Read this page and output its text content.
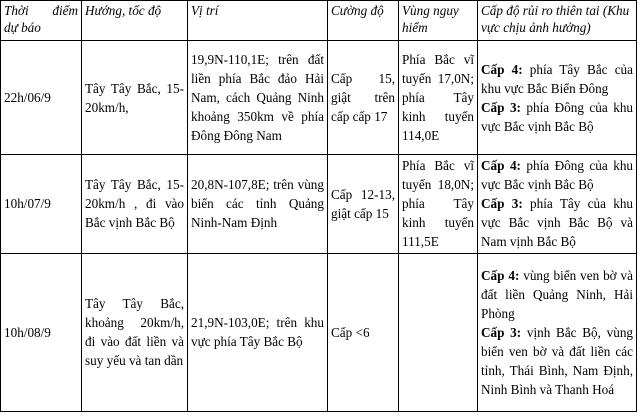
Thời điểm
dự báo	Hướng, tốc độ	Vị trí	Cường độ	Vùng nguy hiểm	Cấp độ rủi ro thiên tai (Khu vực chịu ảnh hưởng)
22h/06/9	Tây Tây Bắc, 15-20km/h,	19,9N-110,1E; trên đất liền phía Bắc đảo Hải Nam, cách Quảng Ninh khoảng 350km về phía Đông Đông Nam	Cấp 15, giật trên cấp cấp 17	Phía Bắc vĩ tuyến 17,0N; phía Tây kinh tuyến 114,0E	Cấp 4: phía Tây Bắc của khu vực Bắc Biển Đông
Cấp 3: phía Đông của khu vực Bắc vịnh Bắc Bộ

10h/07/9	Tây Tây Bắc, 15-20km/h , đi vào Bắc vịnh Bắc Bộ	20,8N-107,8E; trên vùng biển các tỉnh Quảng Ninh-Nam Định	Cấp 12-13, giật cấp 15	Phía Bắc vĩ tuyến 18,0N; phía Tây kinh tuyến 111,5E	Cấp 4: phía Đông của khu vực Bắc vịnh Bắc Bộ
Cấp 3: phía Tây của khu vực Bắc vịnh Bắc Bộ và Nam vịnh Bắc Bộ

10h/08/9	Tây Tây Bắc, khoảng 20km/h, đi vào đất liền và suy yếu và tan dần	21,9N-103,0E; trên khu vực phía Tây Bắc Bộ	Cấp <6		Cấp 4: vùng biển ven bờ và đất liền Quảng Ninh, Hải Phòng
Cấp 3: vịnh Bắc Bộ, vùng biển ven bờ và đất liền các tỉnh, Thái Bình, Nam Định, Ninh Bình và Thanh Hoá
